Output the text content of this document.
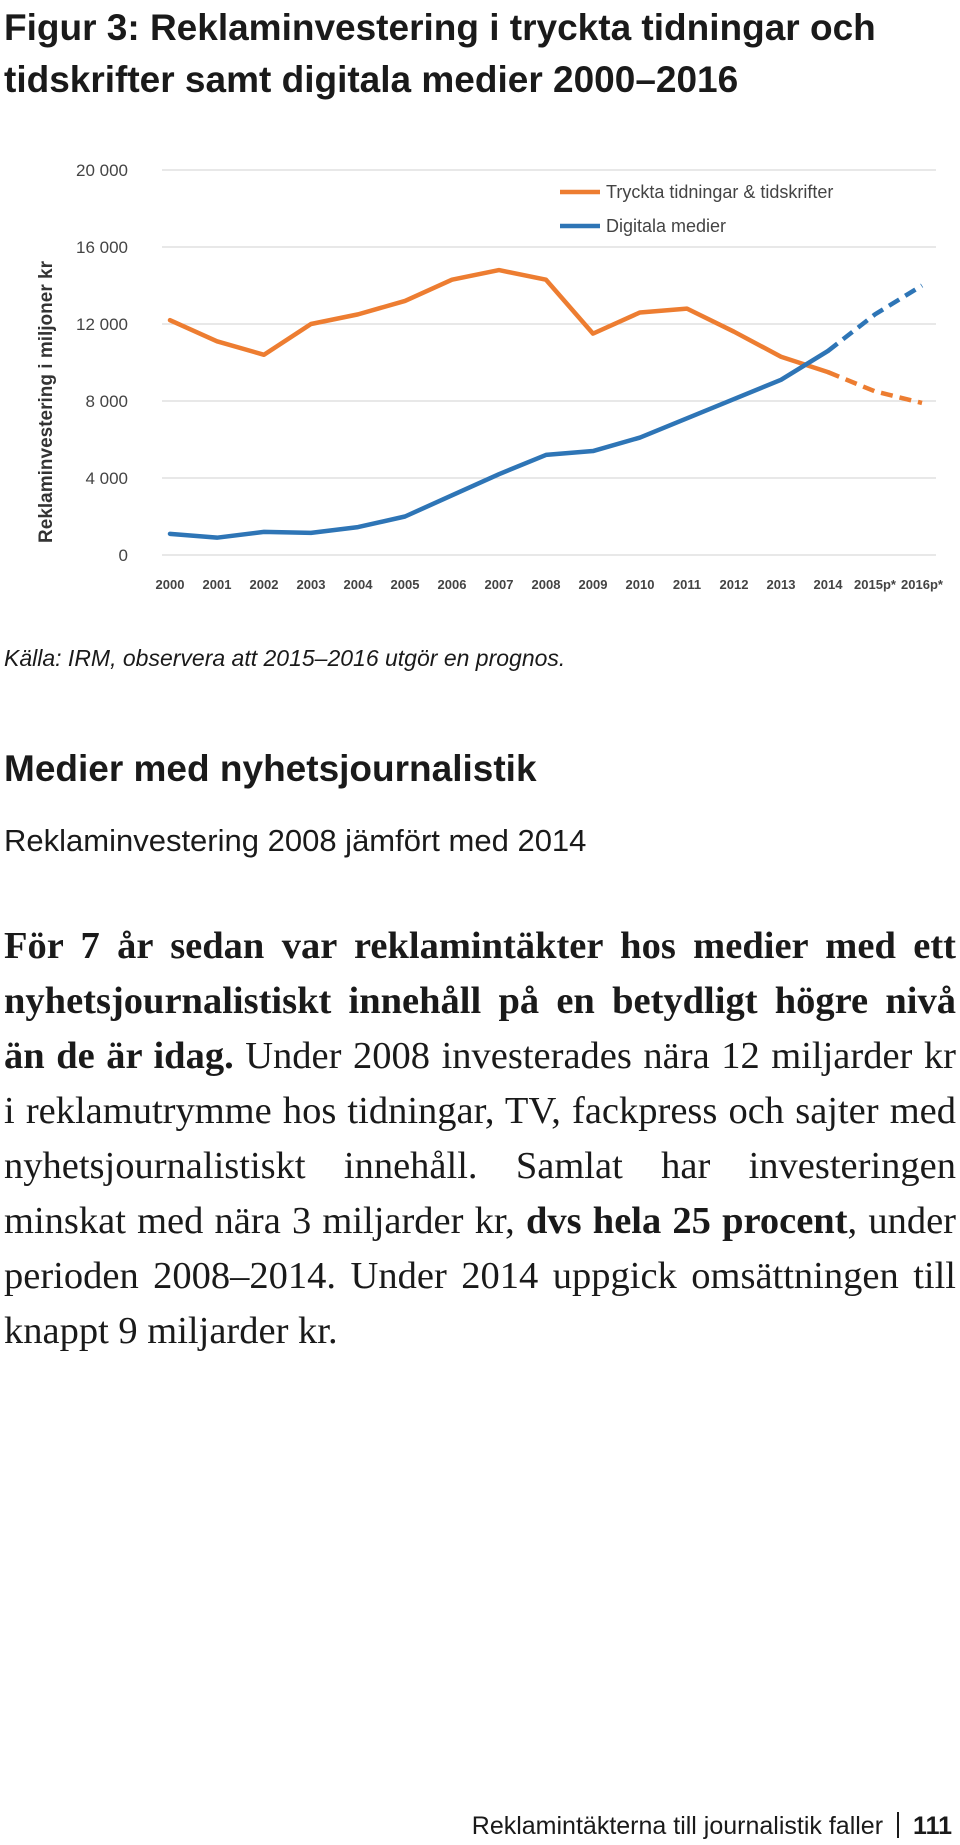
Figur 3: Reklaminvestering i tryckta tidningar och
tidskrifter samt digitala medier 2000–2016
0
4 000
8 000
12 000
16 000
20 000
2000 2001 2002 2003 2004 2005 2006 2007 2008 2009 2010 2011 2012 2013 2014 2015p* 2016p*
Tryckta tidningar & tidskrifter
Digitala medier
Reklaminvestering i miljoner kr
Källa: IRM, observera att 2015–2016 utgör en prognos.
Medier med nyhetsjournalistik
Reklaminvestering 2008 jämfört med 2014

För 7 år sedan var reklamintäkter hos medier med ett nyhetsjournalistiskt innehåll på en betydligt högre nivå än de är idag. Under 2008 investerades nära 12 miljarder kr i reklamutrymme hos tidningar, TV, fackpress och sajter med nyhetsjournalistiskt innehåll. Samlat har investeringen minskat med nära 3 miljarder kr, dvs hela 25 procent, under perioden 2008–2014. Under 2014 uppgick omsättningen till knappt 9 miljarder kr.

Reklamintäkterna till journalistik faller 111
